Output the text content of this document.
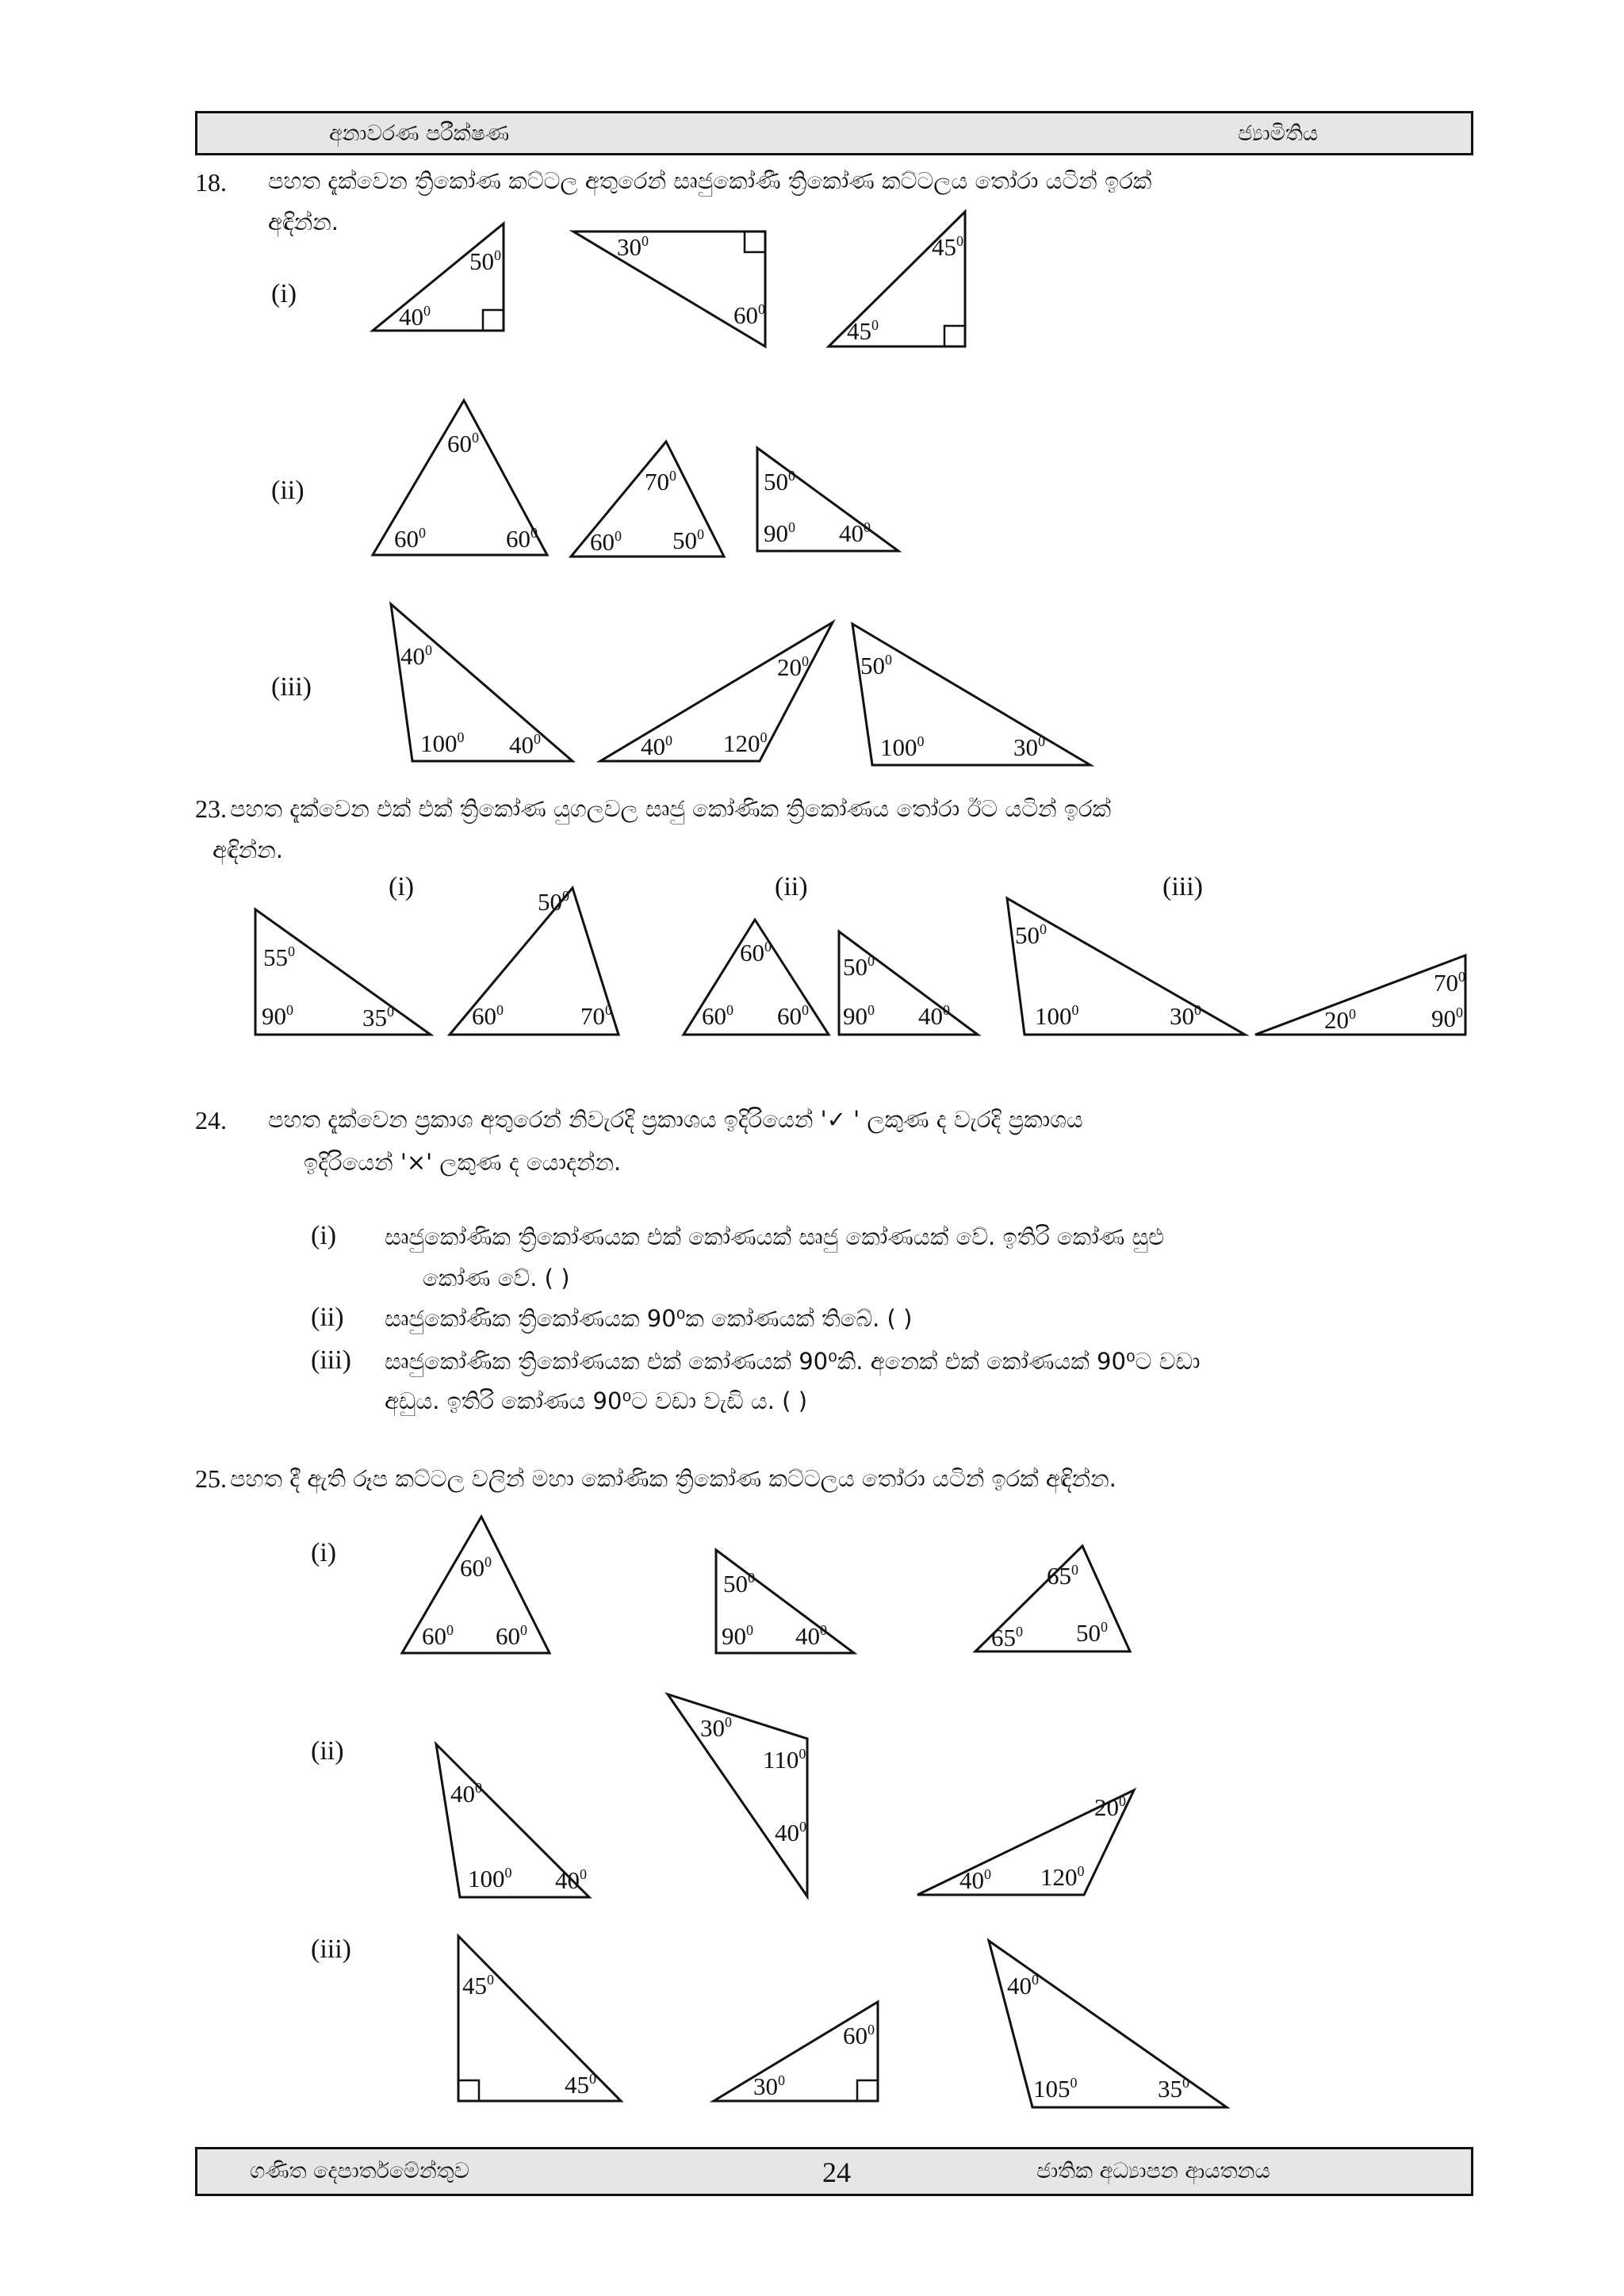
අනාවරණ පරීක්ෂණ	ජ්‍යාමිතිය
18. පහත දැක්වෙන ත්‍රිකෝණ කට්ටල අතුරෙන් සෘජුකෝණී ත්‍රිකෝණ කට්ටලය තෝරා යටින් ඉරක්
අඳින්න.
(i)
(ii)
(iii)
23. පහත දැක්වෙන එක් එක් ත්‍රිකෝණ යුගලවල සෘජු කෝණික ත්‍රිකෝණය තෝරා ඊට යටින් ඉරක්
අඳින්න.
(i)	(ii)	(iii)
24. පහත දැක්වෙන ප්‍රකාශ අතුරෙන් නිවැරදි ප්‍රකාශය ඉදිරියෙන් '✓ ' ලකුණ ද වැරදි ප්‍රකාශය
ඉදිරියෙන් '×' ලකුණ ද යොදන්න.
(i) සෘජුකෝණික ත්‍රිකෝණයක එක් කෝණයක් සෘජු කෝණයක් වේ. ඉතිරි කෝණ සුළු
කෝණ වේ. ( )
(ii) සෘජුකෝණික ත්‍රිකෝණයක 90⁰ක කෝණයක් තිබේ. ( )
(iii) සෘජුකෝණික ත්‍රිකෝණයක එක් කෝණයක් 90⁰කි. අනෙක් එක් කෝණයක් 90⁰ට වඩා
අඩුය. ඉතිරි කෝණය 90⁰ට වඩා වැඩි ය. ( )
25. පහත දී ඇති රූප කට්ටල වලින් මහා කෝණික ත්‍රිකෝණ කට්ටලය තෝරා යටින් ඉරක් අඳින්න.
(i)
(ii)
(iii)
$40^0$
$50^0$	$30^0$
$60^0$
$45^0$
$45^0$
$60^0$
$60^0$	$60^0$
$70^0$
$60^0$ $50^0$
$50^0$
$90^0$ $40^0$
$40^0$
$100^0$ $40^0$
$20^0$
$40^0$ $120^0$
$50^0$
$100^0$	$30^0$
$55^0$
$90^0$	$35^0$
$50^0$
$60^0$	$70^0$
$60^0$
$60^0$ $60^0$
$50^0$
$90^0$ $40^0$
$50^0$
$100^0$	$30^0$
$70^0$
$20^0$	$90^0$
$60^0$
$60^0$ $60^0$
$50^0$
$90^0$ $40^0$
$65^0$
$65^0$ $50^0$
$40^0$
$100^0$ $40^0$
$30^0$
$110^0$
$40^0$
$20^0$
$40^0$ $120^0$
$45^0$
$45^0$
$60^0$
$30^0$
$40^0$
$105^0$	$35^0$
ගණිත දෙපාර්තමේන්තුව	24	ජාතික අධ්‍යාපන ආයතනය
